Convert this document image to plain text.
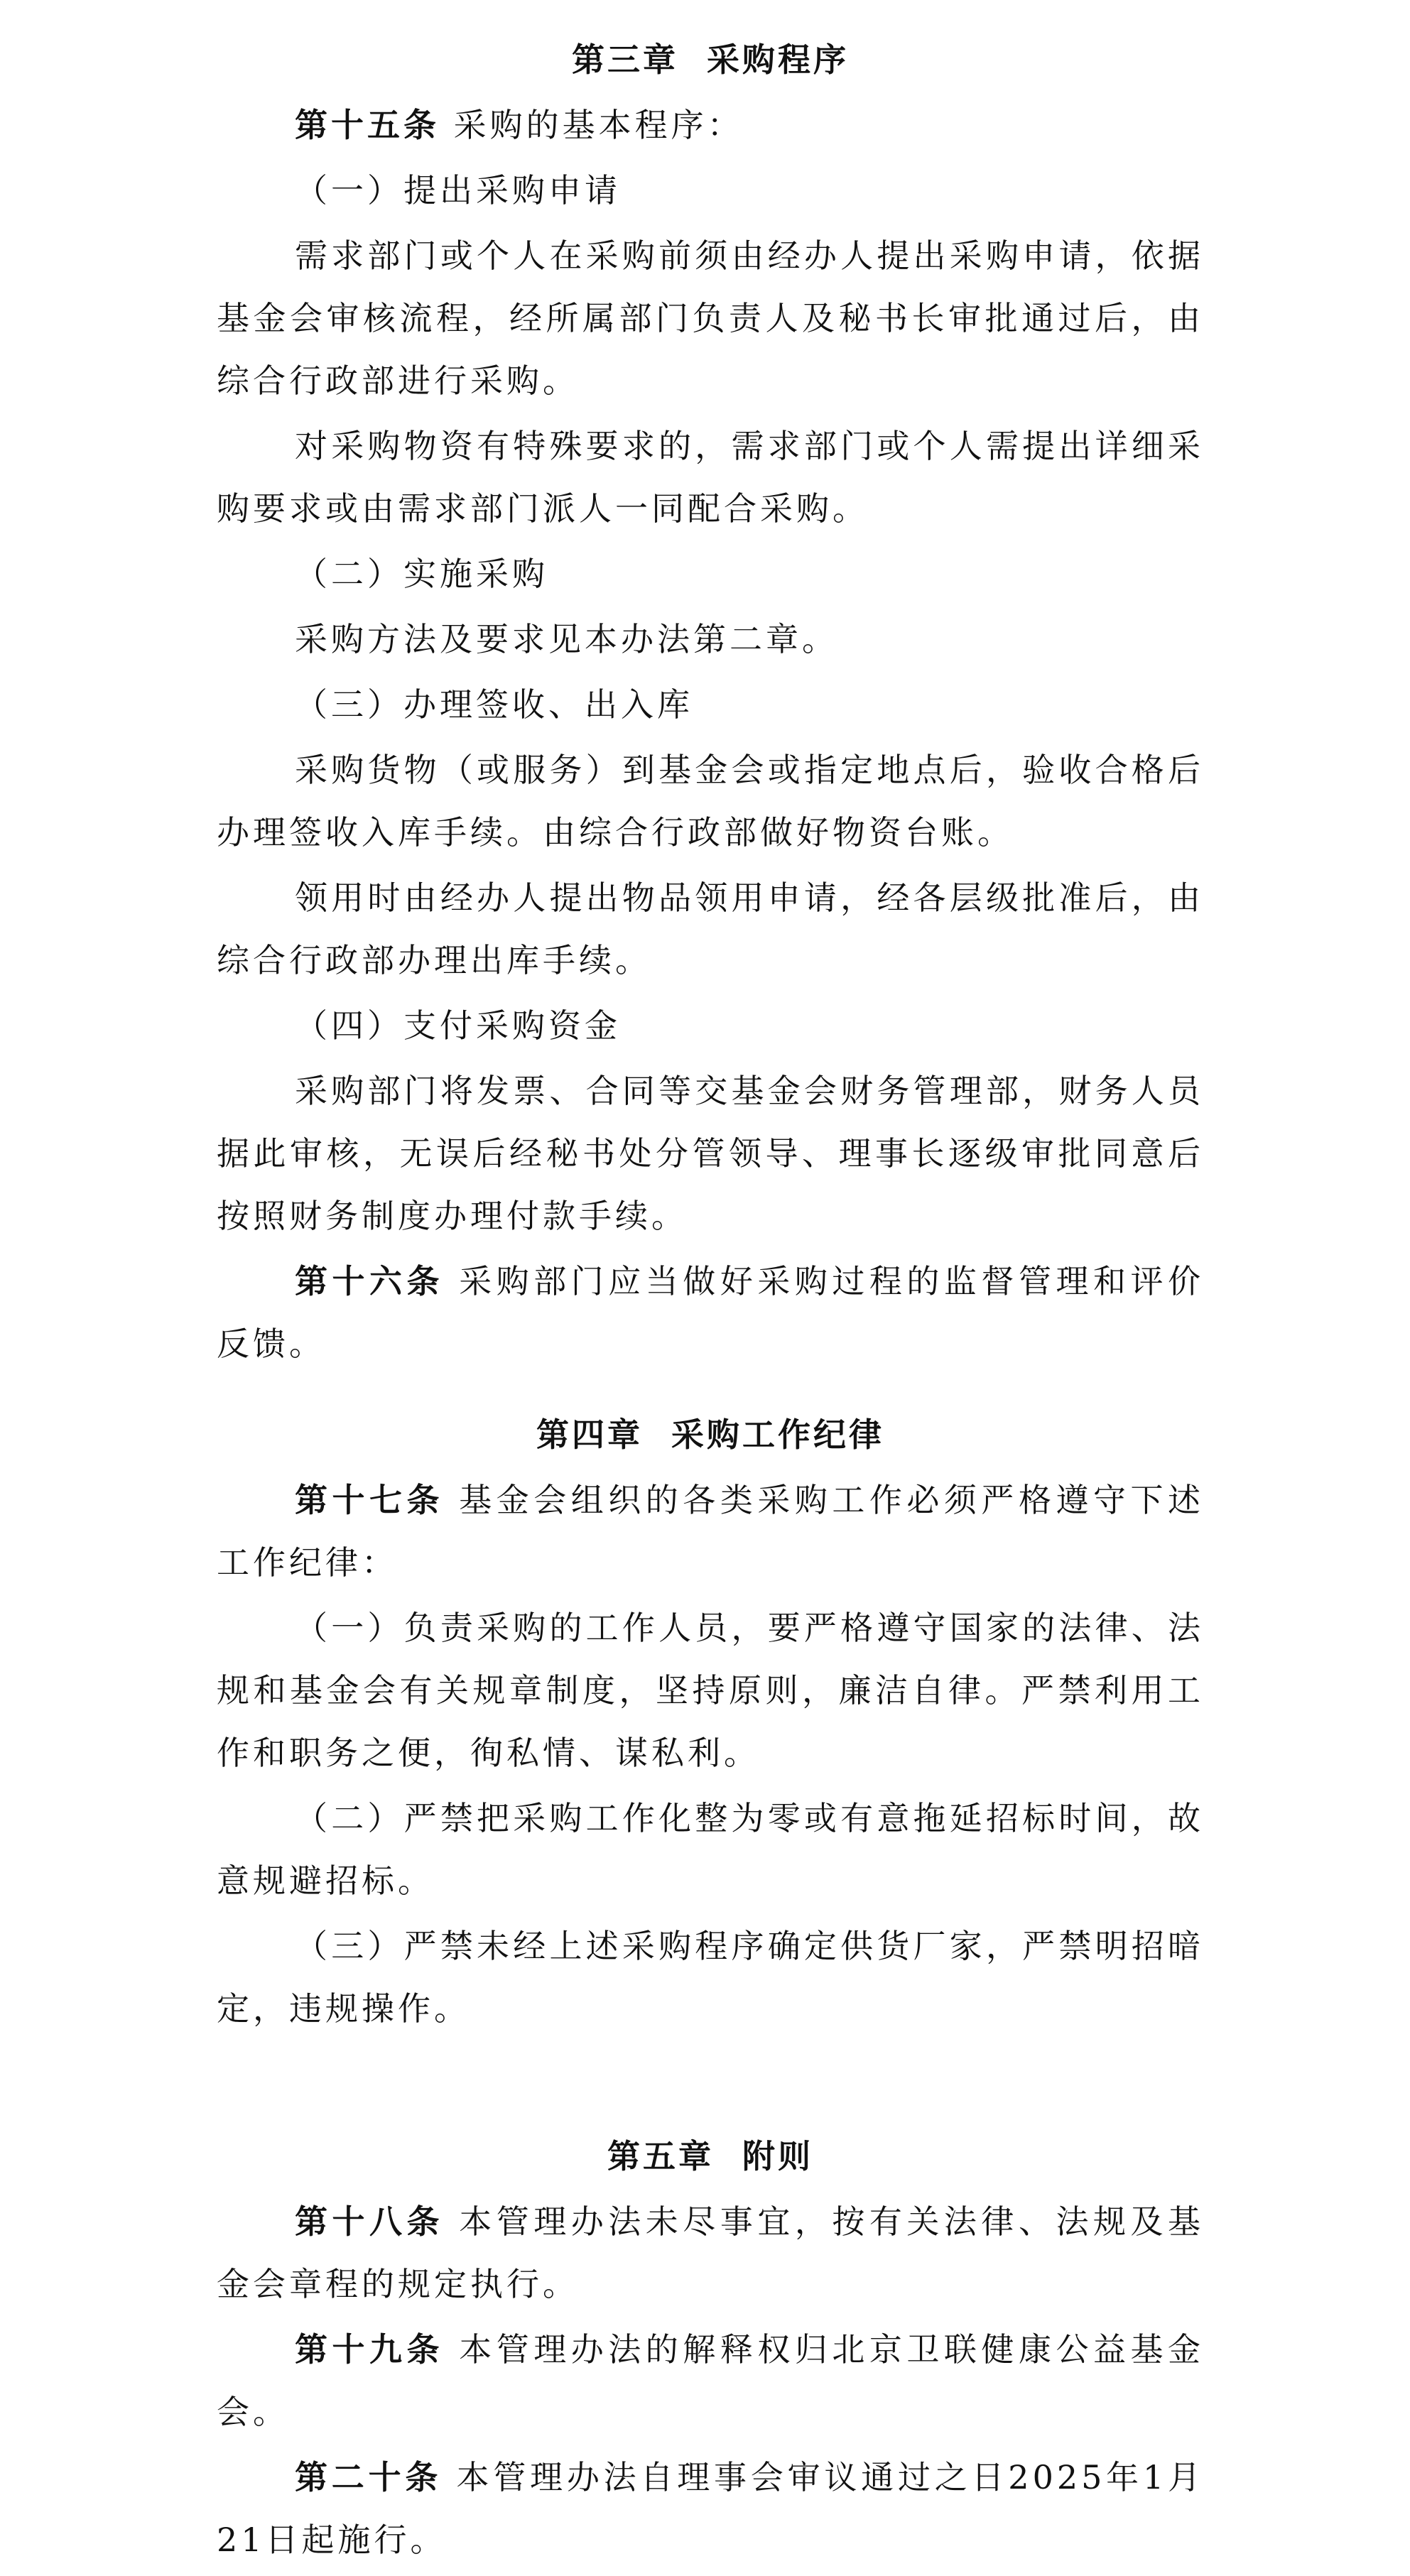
第三章 采购程序

第十五条 采购的基本程序：

（一）提出采购申请

需求部门或个人在采购前须由经办人提出采购申请，依据基金会审核流程，经所属部门负责人及秘书长审批通过后，由综合行政部进行采购。

对采购物资有特殊要求的，需求部门或个人需提出详细采购要求或由需求部门派人一同配合采购。

（二）实施采购

采购方法及要求见本办法第二章。

（三）办理签收、出入库

采购货物（或服务）到基金会或指定地点后，验收合格后办理签收入库手续。由综合行政部做好物资台账。

领用时由经办人提出物品领用申请，经各层级批准后，由综合行政部办理出库手续。

（四）支付采购资金

采购部门将发票、合同等交基金会财务管理部，财务人员据此审核，无误后经秘书处分管领导、理事长逐级审批同意后按照财务制度办理付款手续。

第十六条 采购部门应当做好采购过程的监督管理和评价反馈。

第四章 采购工作纪律

第十七条 基金会组织的各类采购工作必须严格遵守下述工作纪律：

（一）负责采购的工作人员，要严格遵守国家的法律、法规和基金会有关规章制度，坚持原则，廉洁自律。严禁利用工作和职务之便，徇私情、谋私利。

（二）严禁把采购工作化整为零或有意拖延招标时间，故意规避招标。

（三）严禁未经上述采购程序确定供货厂家，严禁明招暗定，违规操作。

第五章 附则

第十八条 本管理办法未尽事宜，按有关法律、法规及基金会章程的规定执行。

第十九条 本管理办法的解释权归北京卫联健康公益基金会。

第二十条 本管理办法自理事会审议通过之日2025年1月21日起施行。
